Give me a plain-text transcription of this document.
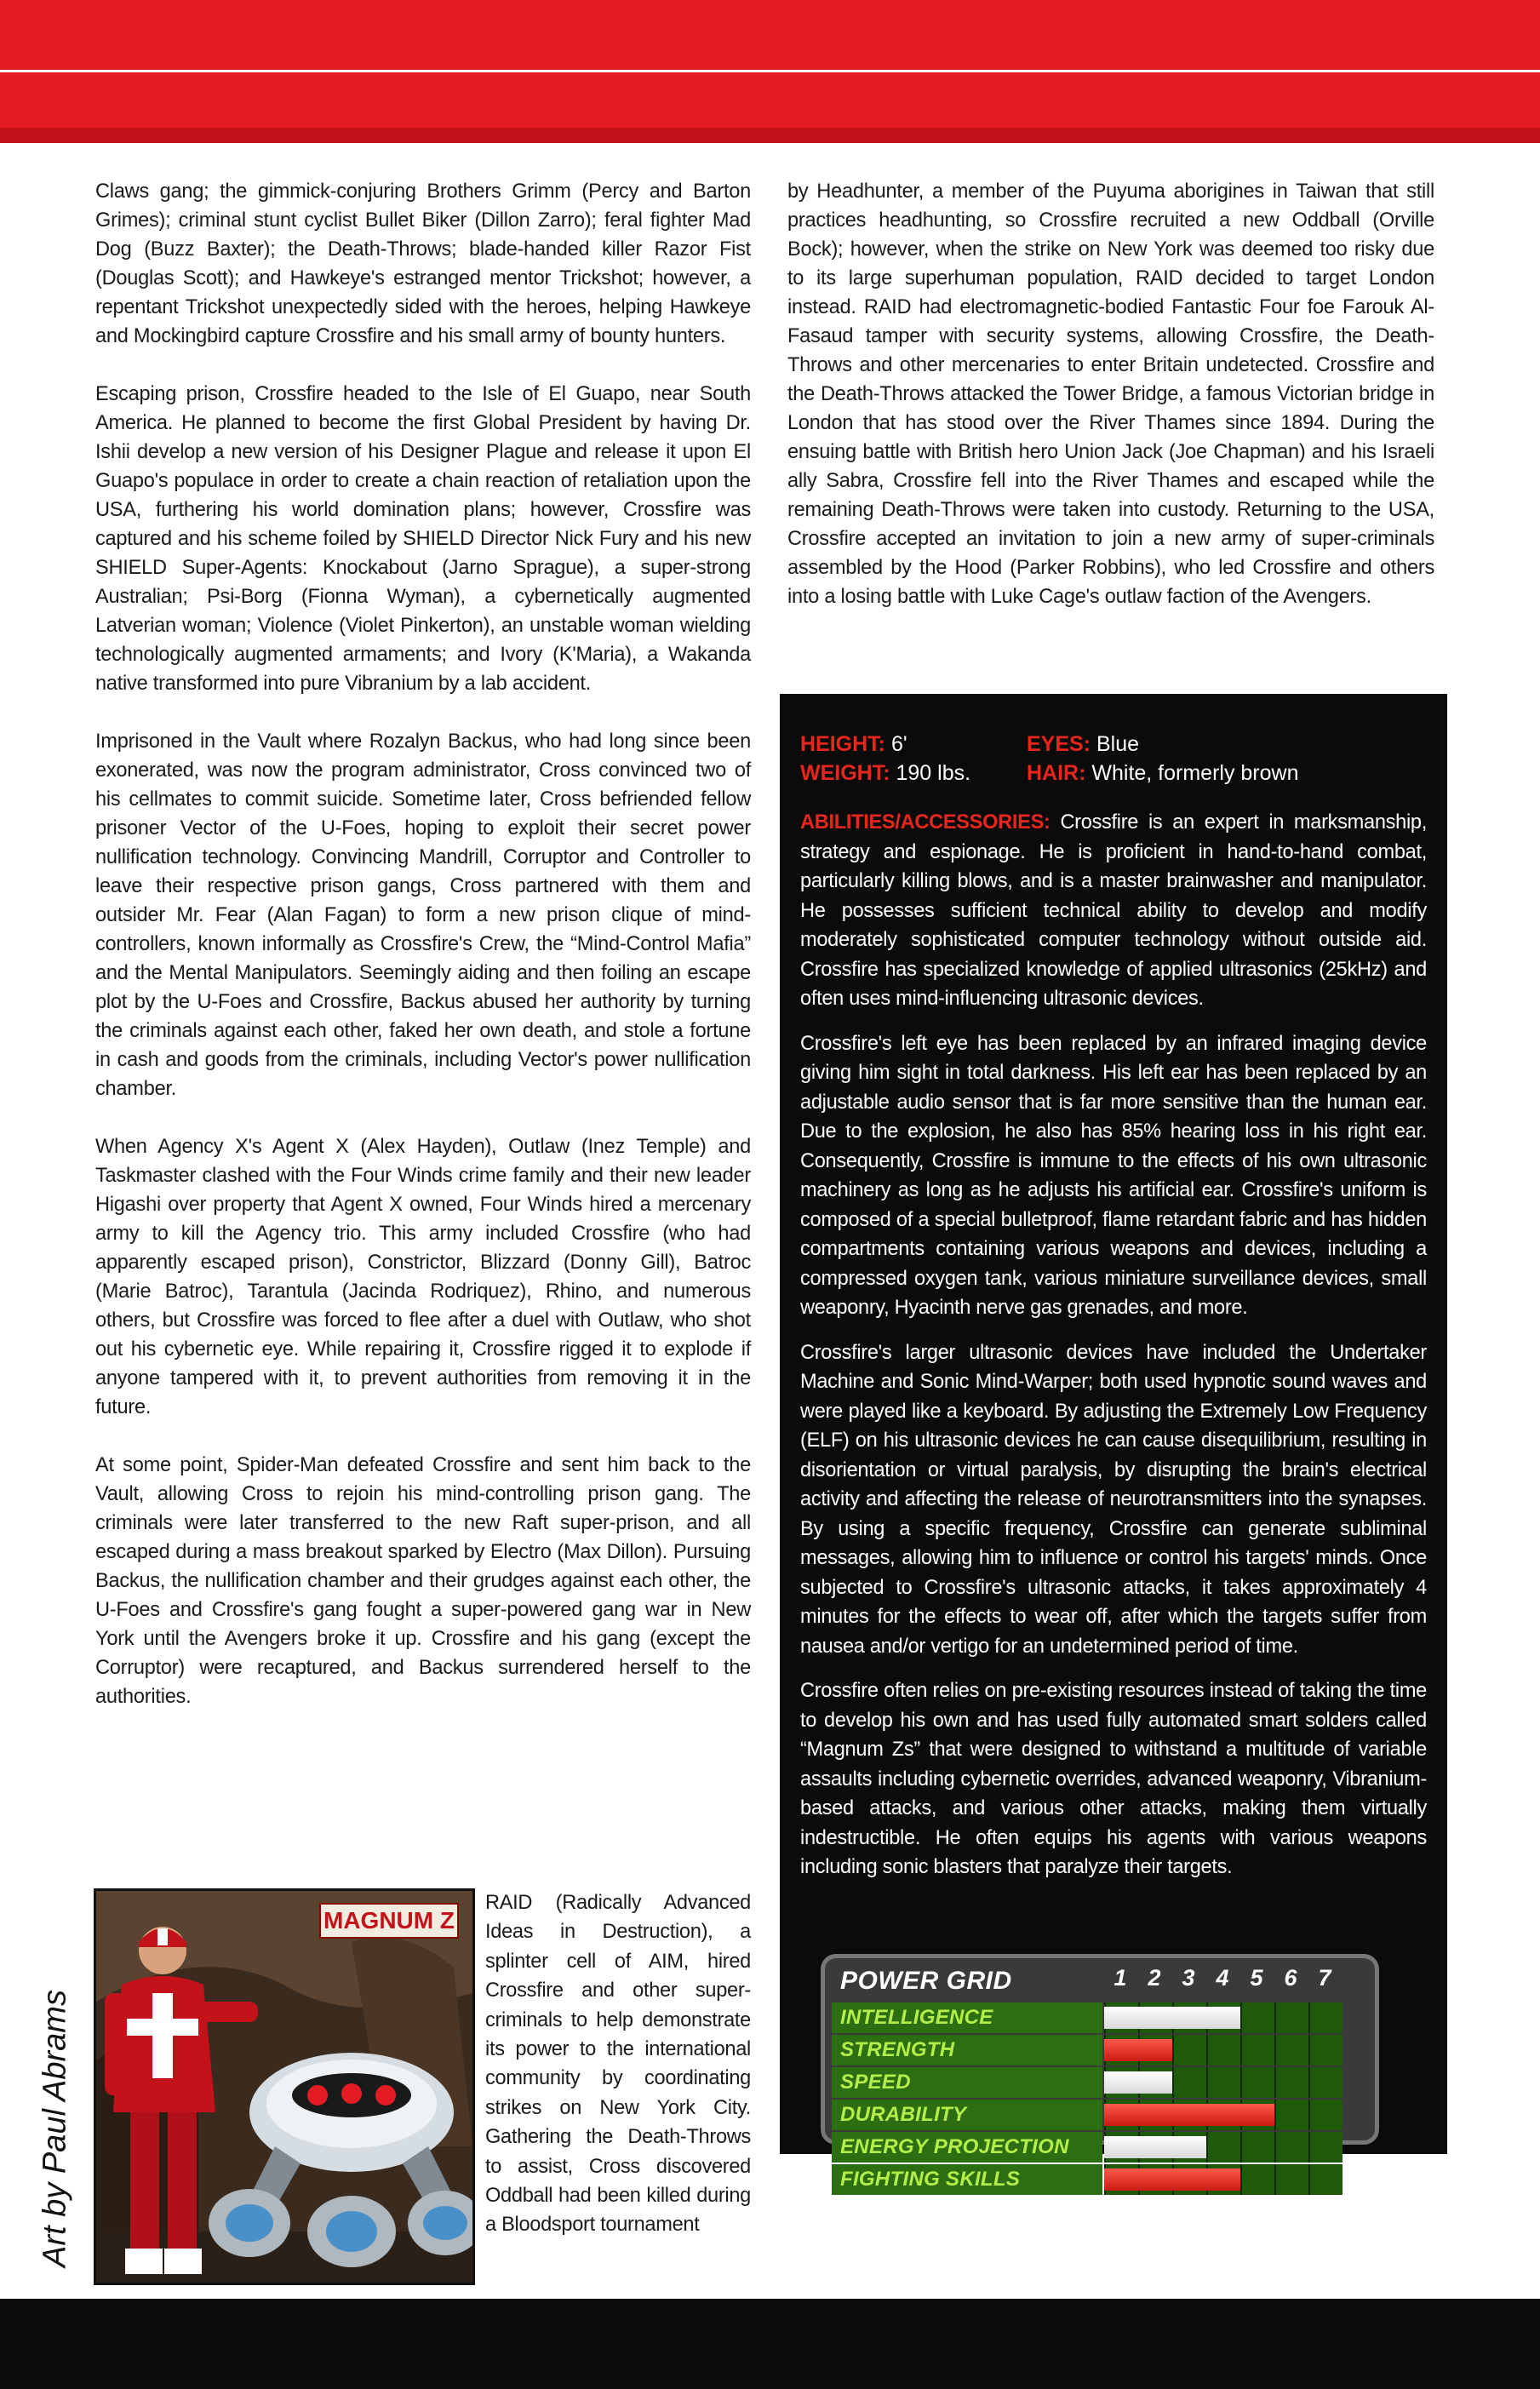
Claws gang; the gimmick-conjuring Brothers Grimm (Percy and Barton Grimes); criminal stunt cyclist Bullet Biker (Dillon Zarro); feral fighter Mad Dog (Buzz Baxter); the Death-Throws; blade-handed killer Razor Fist (Douglas Scott); and Hawkeye's estranged mentor Trickshot; however, a repentant Trickshot unexpectedly sided with the heroes, helping Hawkeye and Mockingbird capture Crossfire and his small army of bounty hunters.

Escaping prison, Crossfire headed to the Isle of El Guapo, near South America. He planned to become the first Global President by having Dr. Ishii develop a new version of his Designer Plague and release it upon El Guapo's populace in order to create a chain reaction of retaliation upon the USA, furthering his world domination plans; however, Crossfire was captured and his scheme foiled by SHIELD Director Nick Fury and his new SHIELD Super-Agents: Knockabout (Jarno Sprague), a super-strong Australian; Psi-Borg (Fionna Wyman), a cybernetically augmented Latverian woman; Violence (Violet Pinkerton), an unstable woman wielding technologically augmented armaments; and Ivory (K'Maria), a Wakanda native transformed into pure Vibranium by a lab accident.

Imprisoned in the Vault where Rozalyn Backus, who had long since been exonerated, was now the program administrator, Cross convinced two of his cellmates to commit suicide. Sometime later, Cross befriended fellow prisoner Vector of the U-Foes, hoping to exploit their secret power nullification technology. Convincing Mandrill, Corruptor and Controller to leave their respective prison gangs, Cross partnered with them and outsider Mr. Fear (Alan Fagan) to form a new prison clique of mind-controllers, known informally as Crossfire's Crew, the “Mind-Control Mafia” and the Mental Manipulators. Seemingly aiding and then foiling an escape plot by the U-Foes and Crossfire, Backus abused her authority by turning the criminals against each other, faked her own death, and stole a fortune in cash and goods from the criminals, including Vector's power nullification chamber.

When Agency X's Agent X (Alex Hayden), Outlaw (Inez Temple) and Taskmaster clashed with the Four Winds crime family and their new leader Higashi over property that Agent X owned, Four Winds hired a mercenary army to kill the Agency trio. This army included Crossfire (who had apparently escaped prison), Constrictor, Blizzard (Donny Gill), Batroc (Marie Batroc), Tarantula (Jacinda Rodriquez), Rhino, and numerous others, but Crossfire was forced to flee after a duel with Outlaw, who shot out his cybernetic eye. While repairing it, Crossfire rigged it to explode if anyone tampered with it, to prevent authorities from removing it in the future.

At some point, Spider-Man defeated Crossfire and sent him back to the Vault, allowing Cross to rejoin his mind-controlling prison gang. The criminals were later transferred to the new Raft super-prison, and all escaped during a mass breakout sparked by Electro (Max Dillon). Pursuing Backus, the nullification chamber and their grudges against each other, the U-Foes and Crossfire's gang fought a super-powered gang war in New York until the Avengers broke it up. Crossfire and his gang (except the Corruptor) were recaptured, and Backus surrendered herself to the authorities.

Art by Paul Abrams
MAGNUM Z
RAID (Radically Advanced Ideas in Destruction), a splinter cell of AIM, hired Crossfire and other super-criminals to help demonstrate its power to the international community by coordinating strikes on New York City. Gathering the Death-Throws to assist, Cross discovered Oddball had been killed during a Bloodsport tournament

by Headhunter, a member of the Puyuma aborigines in Taiwan that still practices headhunting, so Crossfire recruited a new Oddball (Orville Bock); however, when the strike on New York was deemed too risky due to its large superhuman population, RAID decided to target London instead. RAID had electromagnetic-bodied Fantastic Four foe Farouk Al-Fasaud tamper with security systems, allowing Crossfire, the Death-Throws and other mercenaries to enter Britain undetected. Crossfire and the Death-Throws attacked the Tower Bridge, a famous Victorian bridge in London that has stood over the River Thames since 1894. During the ensuing battle with British hero Union Jack (Joe Chapman) and his Israeli ally Sabra, Crossfire fell into the River Thames and escaped while the remaining Death-Throws were taken into custody. Returning to the USA, Crossfire accepted an invitation to join a new army of super-criminals assembled by the Hood (Parker Robbins), who led Crossfire and others into a losing battle with Luke Cage's outlaw faction of the Avengers.

HEIGHT: 6'
WEIGHT: 190 lbs.
EYES: Blue
HAIR: White, formerly brown

ABILITIES/ACCESSORIES: Crossfire is an expert in marksmanship, strategy and espionage. He is proficient in hand-to-hand combat, particularly killing blows, and is a master brainwasher and manipulator. He possesses sufficient technical ability to develop and modify moderately sophisticated computer technology without outside aid. Crossfire has specialized knowledge of applied ultrasonics (25kHz) and often uses mind-influencing ultrasonic devices.

Crossfire's left eye has been replaced by an infrared imaging device giving him sight in total darkness. His left ear has been replaced by an adjustable audio sensor that is far more sensitive than the human ear. Due to the explosion, he also has 85% hearing loss in his right ear. Consequently, Crossfire is immune to the effects of his own ultrasonic machinery as long as he adjusts his artificial ear. Crossfire's uniform is composed of a special bulletproof, flame retardant fabric and has hidden compartments containing various weapons and devices, including a compressed oxygen tank, various miniature surveillance devices, small weaponry, Hyacinth nerve gas grenades, and more.

Crossfire's larger ultrasonic devices have included the Undertaker Machine and Sonic Mind-Warper; both used hypnotic sound waves and were played like a keyboard. By adjusting the Extremely Low Frequency (ELF) on his ultrasonic devices he can cause disequilibrium, resulting in disorientation or virtual paralysis, by disrupting the brain's electrical activity and affecting the release of neurotransmitters into the synapses. By using a specific frequency, Crossfire can generate subliminal messages, allowing him to influence or control his targets' minds. Once subjected to Crossfire's ultrasonic attacks, it takes approximately 4 minutes for the effects to wear off, after which the targets suffer from nausea and/or vertigo for an undetermined period of time.

Crossfire often relies on pre-existing resources instead of taking the time to develop his own and has used fully automated smart solders called “Magnum Zs” that were designed to withstand a multitude of variable assaults including cybernetic overrides, advanced weaponry, Vibranium-based attacks, and various other attacks, making them virtually indestructible. He often equips his agents with various weapons including sonic blasters that paralyze their targets.

POWER GRID	1 2 3 4 5 6 7
INTELLIGENCE
STRENGTH
SPEED
DURABILITY
ENERGY PROJECTION
FIGHTING SKILLS
